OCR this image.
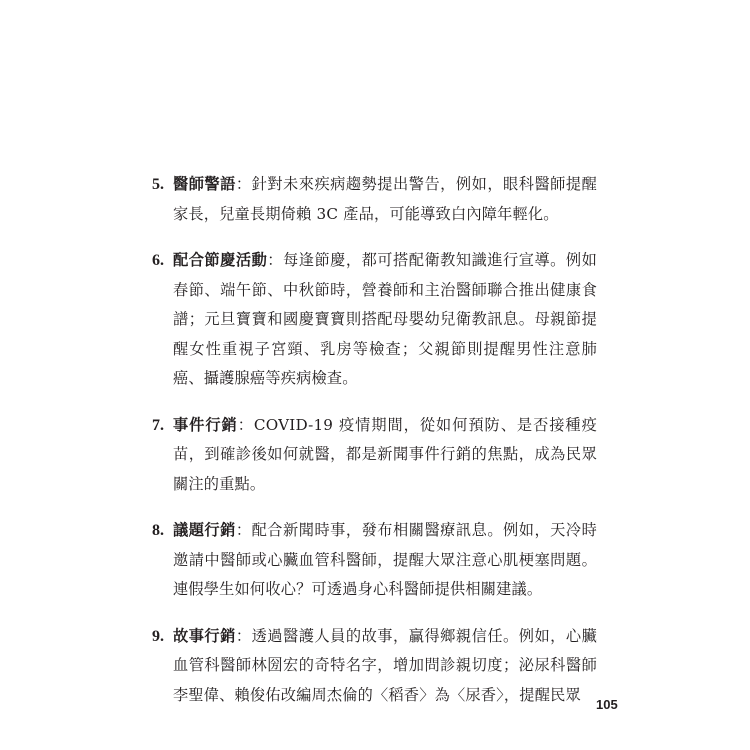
5. 醫師警語：針對未來疾病趨勢提出警告，例如，眼科醫師提醒家長，兒童長期倚賴 3C 產品，可能導致白內障年輕化。
6. 配合節慶活動：每逢節慶，都可搭配衛教知識進行宣導。例如春節、端午節、中秋節時，營養師和主治醫師聯合推出健康食譜；元旦寶寶和國慶寶寶則搭配母嬰幼兒衛教訊息。母親節提醒女性重視子宮頸、乳房等檢查；父親節則提醒男性注意肺癌、攝護腺癌等疾病檢查。
7. 事件行銷：COVID-19 疫情期間，從如何預防、是否接種疫苗，到確診後如何就醫，都是新聞事件行銷的焦點，成為民眾關注的重點。
8. 議題行銷：配合新聞時事，發布相關醫療訊息。例如，天冷時邀請中醫師或心臟血管科醫師，提醒大眾注意心肌梗塞問題。連假學生如何收心？可透過身心科醫師提供相關建議。
9. 故事行銷：透過醫護人員的故事，贏得鄉親信任。例如，心臟血管科醫師林圀宏的奇特名字，增加問診親切度；泌尿科醫師李聖偉、賴俊佑改編周杰倫的〈稻香〉為〈尿香〉，提醒民眾
105
